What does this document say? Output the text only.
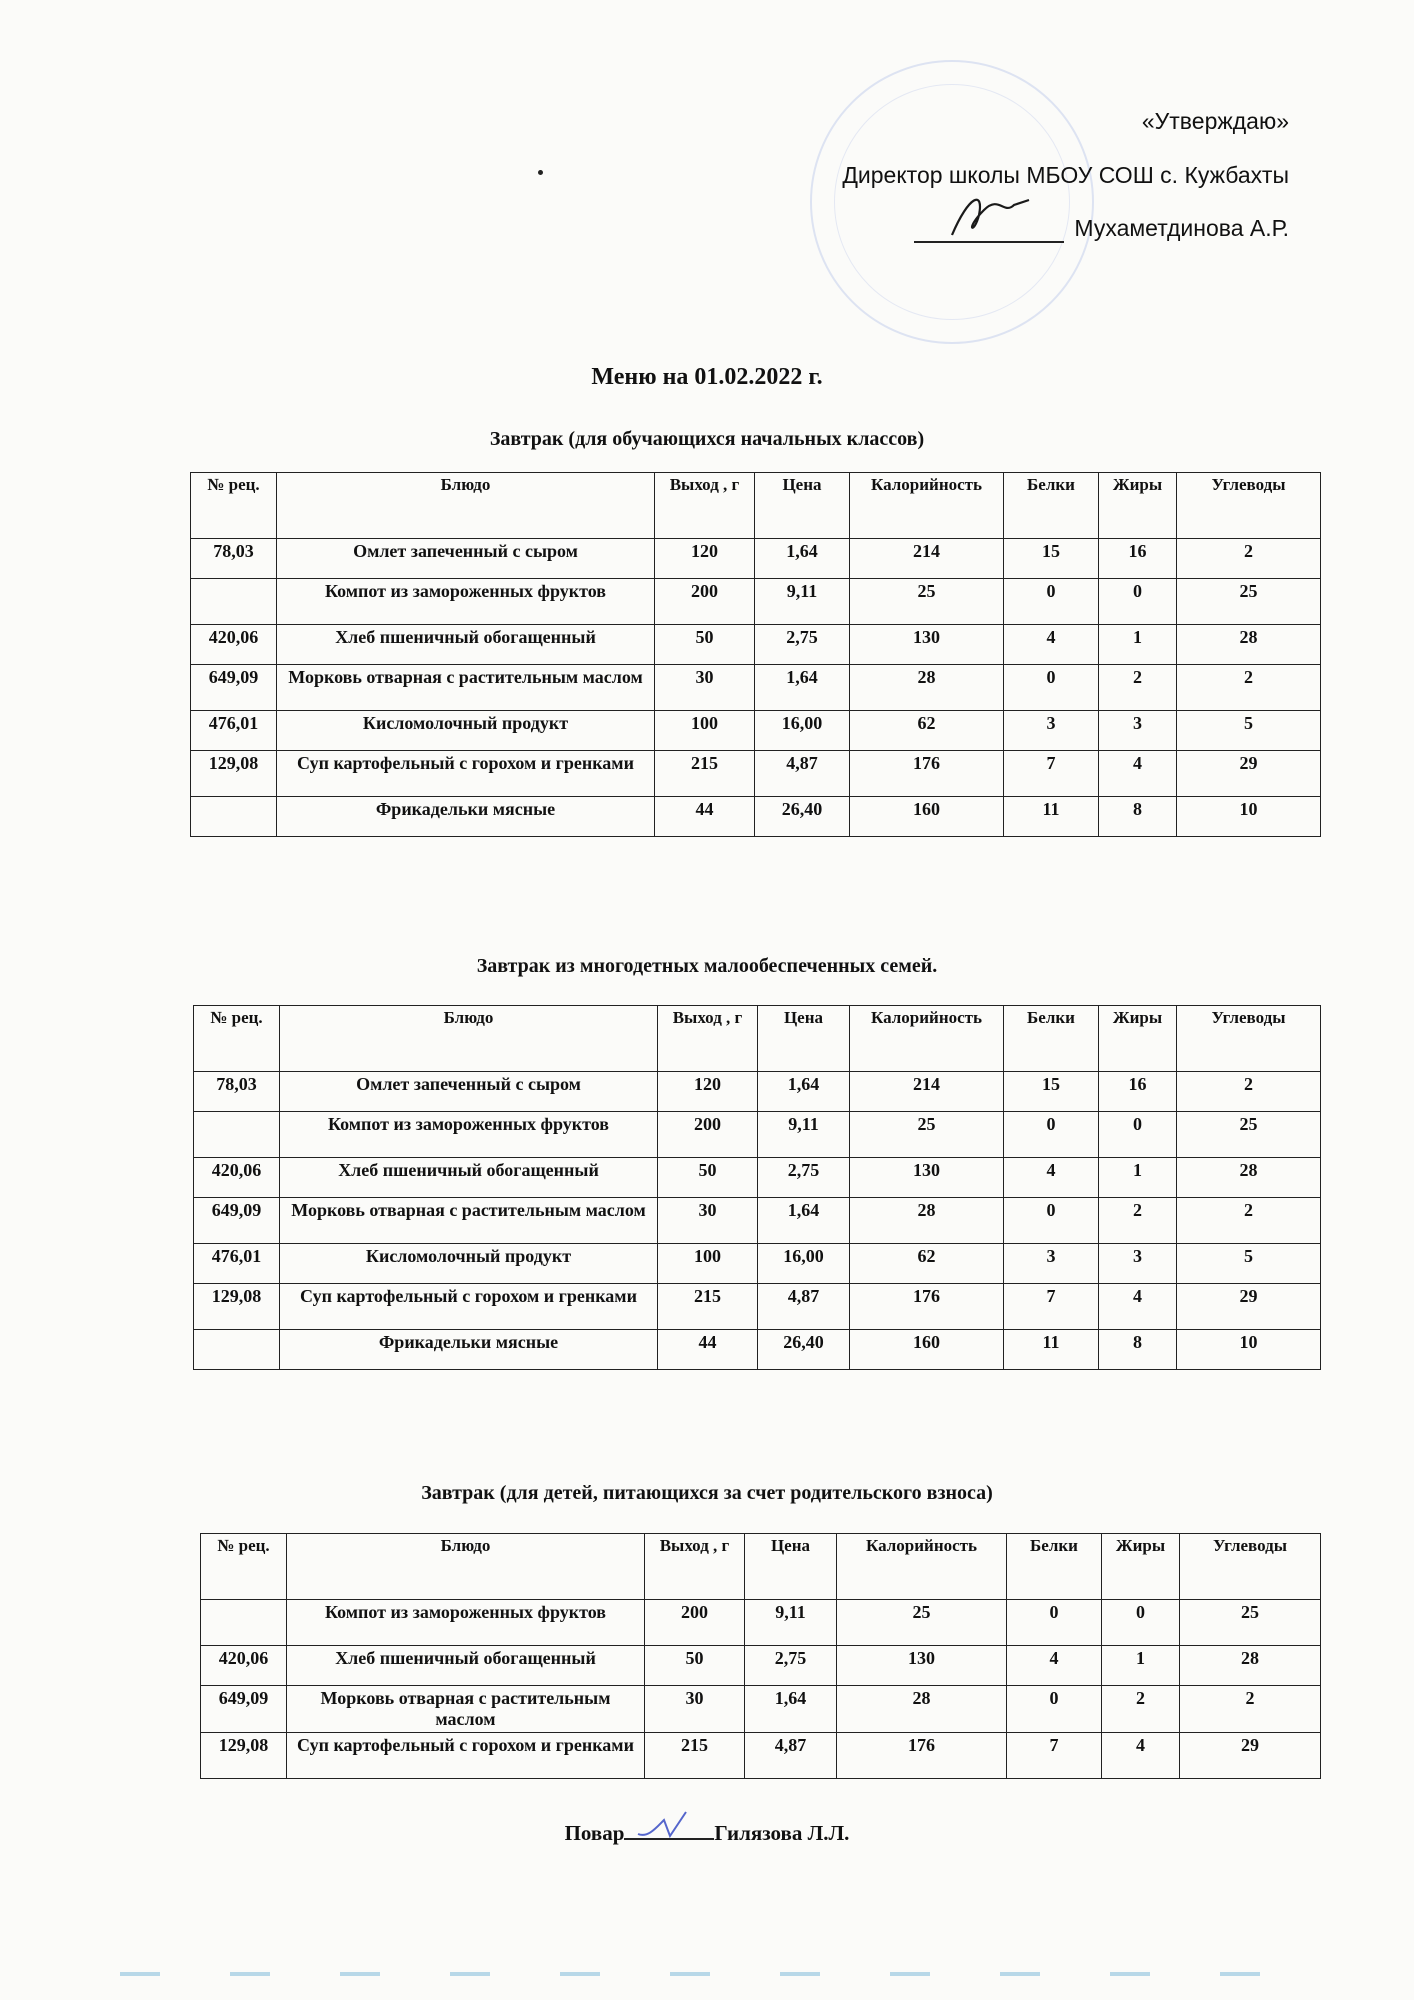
«Утверждаю»
Директор школы МБОУ СОШ с. Кужбахты
Мухаметдинова А.Р.
Меню на 01.02.2022 г.
Завтрак (для обучающихся начальных классов)
№ рец.	Блюдо	Выход , г	Цена	Калорийность	Белки	Жиры	Углеводы
78,03	Омлет запеченный с сыром	120	1,64	214	15	16	2
	Компот из замороженных фруктов	200	9,11	25	0	0	25
420,06	Хлеб пшеничный обогащенный	50	2,75	130	4	1	28
649,09	Морковь отварная с растительным маслом	30	1,64	28	0	2	2
476,01	Кисломолочный продукт	100	16,00	62	3	3	5
129,08	Суп картофельный с горохом и гренками	215	4,87	176	7	4	29
	Фрикадельки мясные	44	26,40	160	11	8	10
Завтрак из многодетных малообеспеченных семей.
№ рец.	Блюдо	Выход , г	Цена	Калорийность	Белки	Жиры	Углеводы
78,03	Омлет запеченный с сыром	120	1,64	214	15	16	2
	Компот из замороженных фруктов	200	9,11	25	0	0	25
420,06	Хлеб пшеничный обогащенный	50	2,75	130	4	1	28
649,09	Морковь отварная с растительным маслом	30	1,64	28	0	2	2
476,01	Кисломолочный продукт	100	16,00	62	3	3	5
129,08	Суп картофельный с горохом и гренками	215	4,87	176	7	4	29
	Фрикадельки мясные	44	26,40	160	11	8	10
Завтрак (для детей, питающихся за счет родительского взноса)
№ рец.	Блюдо	Выход , г	Цена	Калорийность	Белки	Жиры	Углеводы
	Компот из замороженных фруктов	200	9,11	25	0	0	25
420,06	Хлеб пшеничный обогащенный	50	2,75	130	4	1	28
649,09	Морковь отварная с растительным маслом	30	1,64	28	0	2	2
129,08	Суп картофельный с горохом и гренками	215	4,87	176	7	4	29
Повар	Гилязова Л.Л.
